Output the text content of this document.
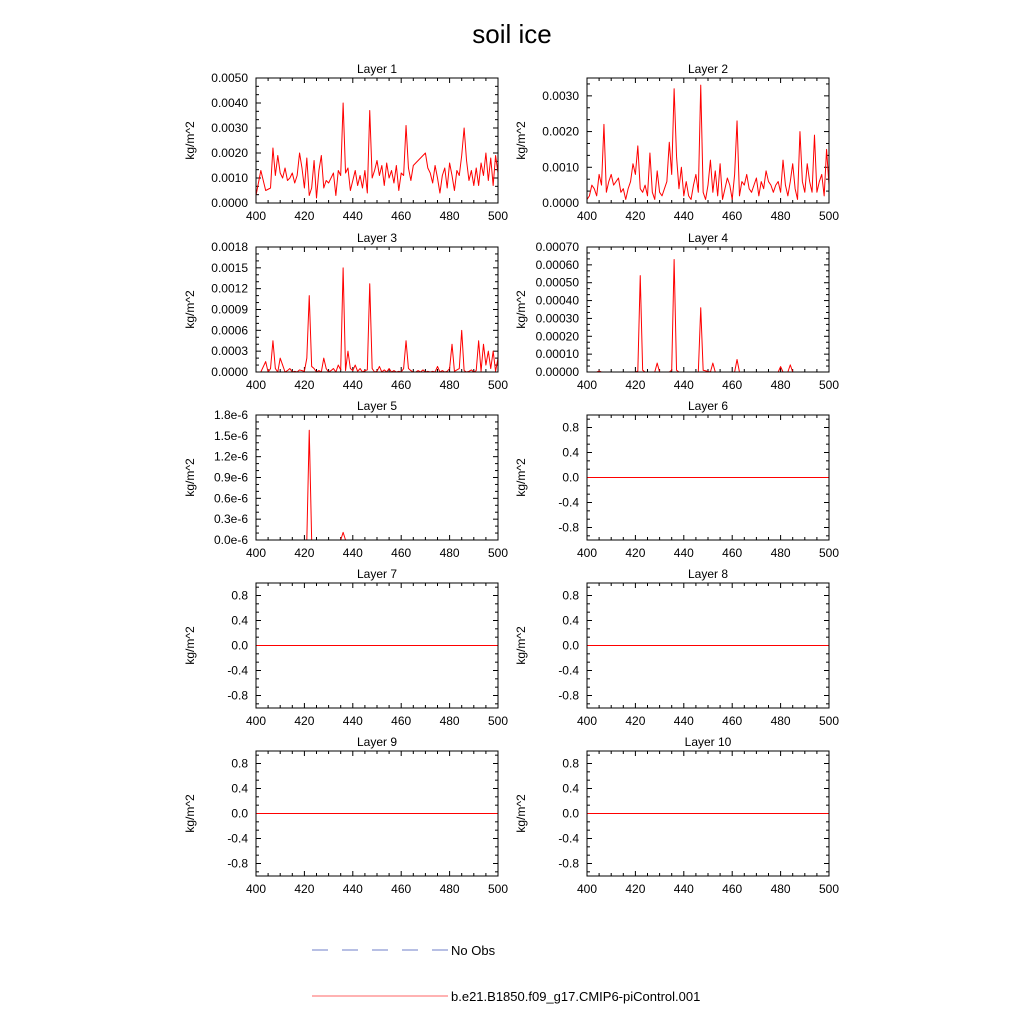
soil ice
Layer 1
kg/m^2
400 420 440 460 480 500
0.0000
0.0010
0.0020
0.0030
0.0040
0.0050
Layer 2
kg/m^2
400 420 440 460 480 500
0.0000
0.0010
0.0020
0.0030
Layer 3
kg/m^2
400 420 440 460 480 500
0.0000
0.0003
0.0006
0.0009
0.0012
0.0015
0.0018
Layer 4
kg/m^2
400 420 440 460 480 500
0.00000
0.00010
0.00020
0.00030
0.00040
0.00050
0.00060
0.00070
Layer 5
kg/m^2
400 420 440 460 480 500
0.0e-6
0.3e-6
0.6e-6
0.9e-6
1.2e-6
1.5e-6
1.8e-6
Layer 6
kg/m^2
400 420 440 460 480 500
-0.8
-0.4
0.0
0.4
0.8
Layer 7
kg/m^2
400 420 440 460 480 500
-0.8
-0.4
0.0
0.4
0.8
Layer 8
kg/m^2
400 420 440 460 480 500
-0.8
-0.4
0.0
0.4
0.8
Layer 9
kg/m^2
400 420 440 460 480 500
-0.8
-0.4
0.0
0.4
0.8
Layer 10
kg/m^2
400 420 440 460 480 500
-0.8
-0.4
0.0
0.4
0.8
No Obs
b.e21.B1850.f09_g17.CMIP6-piControl.001
